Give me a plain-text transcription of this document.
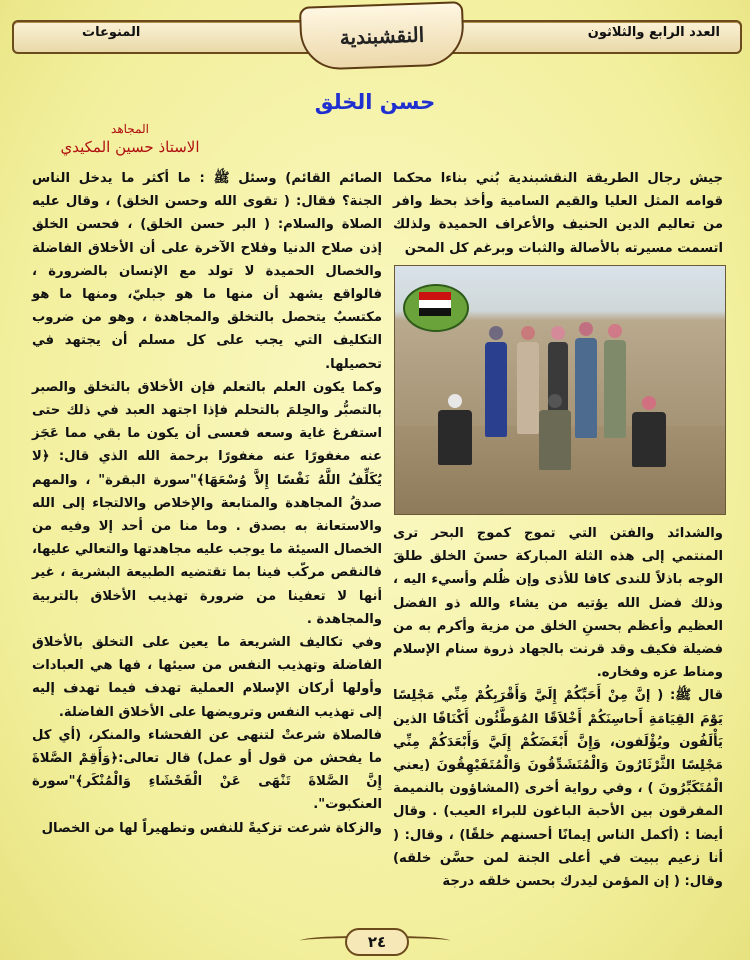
المنوعات	العدد الرابع والثلاثون
النقشبندية
حسن الخلق
المجاهد
الاستاذ حسين المكيدي

جيش رجال الطريقة النقشبندية بُني بناءا محكما قوامه المثل العليا والقيم السامية وأخذ بحظ وافر من تعاليم الدين الحنيف والأعراف الحميدة ولذلك اتسمت مسيرته بالأصالة والثبات وبرغم كل المحن

والشدائد والفتن التي تموج كموج البحر ترى المنتمي إلى هذه الثلة المباركة حسنَ الخلق طلقَ الوجه باذلاً للندى كافا للأذى وإن ظُلم وأسيء اليه ، وذلك فضل الله يؤتيه من يشاء والله ذو الفضل العظيم وأعظم بحسنِ الخلق من مزية وأكرم به من فضيلة فكيف وقد قرنت بالجهاد ذروة سنام الإسلام ومناط عزه وفخاره.

قال ﷺ: ( إنَّ مِنْ أَحَبِّكُمْ إِلَيَّ وَأَقْرَبِكُمْ مِنِّي مَجْلِسًا يَوْمَ القِيَامَةِ أَحاسِنَكُمْ أَخْلاَقًا المُوَطَّئُون أَكْنَافًا الذين يَأْلَفُون ويُؤْلَفون، وَإِنَّ أَبْغَضَكُمْ إِلَيَّ وَأَبْعَدَكُمْ مِنِّي مَجْلِسًا الثَّرْثَارُونَ وَالْمُتَشَدِّقُونَ وَالْمُتَفَيْهِقُونَ (يعني الْمُتَكَبِّرُونَ ) ، وفي رواية أخرى (المشاؤون بالنميمة المفرقون بين الأحبة الباغون للبراء العيب) . وقال أيضا : (أكمل الناس إيمانًا أحسنهم خلقًا) ، وقال: ( أنا زعيم ببيت في أعلى الجنة لمن حسَّن خلقه) وقال: ( إن المؤمن ليدرك بحسن خلقه درجة

الصائم القائم) وسئل ﷺ : ما أكثر ما يدخل الناس الجنة؟ فقال: ( تقوى الله وحسن الخلق) ، وقال عليه الصلاة والسلام: ( البر حسن الخلق) ، فحسن الخلق إذن صلاح الدنيا وفلاح الآخرة على أن الأخلاق الفاضلة والخصال الحميدة لا تولد مع الإنسان بالضرورة ، فالواقع يشهد أن منها ما هو جبليّ، ومنها ما هو مكتسبٌ يتحصل بالتخلق والمجاهدة ، وهو من ضروب التكليف التي يجب على كل مسلم أن يجتهد في تحصيلها.

وكما يكون العلم بالتعلم فإن الأخلاق بالتخلق والصبر بالتصبُّر والحِلمَ بالتحلم فإذا اجتهد العبد في ذلك حتى استفرغ غاية وسعه فعسى أن يكون ما بقي مما عَجَز عنه مغفورًا عنه مغفورًا برحمة الله الذي قال: ﴿لا يُكَلِّفُ اللَّهُ نَفْسًا إِلاَّ وُسْعَهَا﴾"سورة البقرة" ، والمهم صدقُ المجاهدة والمتابعة والإخلاص والالتجاء إلى الله والاستعانة به بصدق . وما منا من أحد إلا وفيه من الخصال السيئة ما يوجب عليه مجاهدتها والتعالي عليها، فالنقص مركّب فينا بما تقتضيه الطبيعة البشرية ، غير أنها لا تعفينا من ضرورة تهذيب الأخلاق بالتربية والمجاهدة .

وفي تكاليف الشريعة ما يعين على التخلق بالأخلاق الفاضلة وتهذيب النفس من سيئها ، فها هي العبادات وأولها أركان الإسلام العملية تهدف فيما تهدف إليه إلى تهذيب النفس وترويضها على الأخلاق الفاضلة.

فالصلاة شرعتْ لتنهى عن الفحشاء والمنكر، (أي كل ما يفحش من قول أو عمل) قال تعالى:﴿وَأَقِمْ الصَّلاةَ إِنَّ الصَّلاةَ تَنْهَى عَنْ الْفَحْشَاءِ وَالْمُنْكَر﴾"سورة العنكبوت".

والزكاة شرعت تزكيةً للنفس وتطهيراً لها من الخصال

٢٤
